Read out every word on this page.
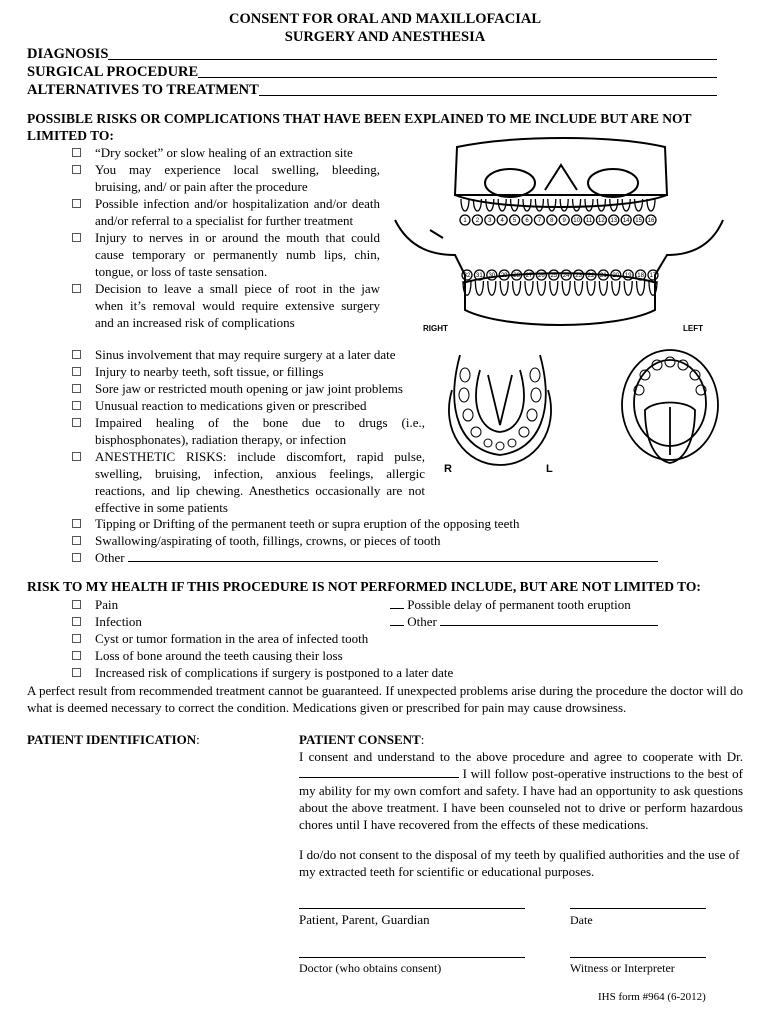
CONSENT FOR ORAL AND MAXILLOFACIAL
SURGERY AND ANESTHESIA
DIAGNOSIS
SURGICAL PROCEDURE
ALTERNATIVES TO TREATMENT
POSSIBLE RISKS OR COMPLICATIONS THAT HAVE BEEN EXPLAINED TO ME INCLUDE BUT ARE NOT LIMITED TO:
“Dry socket” or slow healing of an extraction site
You may experience local swelling, bleeding, bruising, and/ or pain after the procedure
Possible infection and/or hospitalization and/or death and/or referral to a specialist for further treatment
Injury to nerves in or around the mouth that could cause temporary or permanently numb lips, chin, tongue, or loss of taste sensation.
Decision to leave a small piece of root in the jaw when it’s removal would require extensive surgery and an increased risk of complications
Sinus involvement that may require surgery at a later date
Injury to nearby teeth, soft tissue, or fillings
Sore jaw or restricted mouth opening or jaw joint problems
Unusual reaction to medications given or prescribed
Impaired healing of the bone due to drugs (i.e., bisphosphonates), radiation therapy, or infection
ANESTHETIC RISKS: include discomfort, rapid pulse, swelling, bruising, infection, anxious feelings, allergic reactions, and lip chewing. Anesthetics occasionally are not effective in some patients
Tipping or Drifting of the permanent teeth or supra eruption of the opposing teeth
Swallowing/aspirating of tooth, fillings, crowns, or pieces of tooth
Other
1 2 3 4 5 6 7 8 9 10 11 12 13 14 15 16
32 31 30 29 28 27 26 25 24 23 22 21 20 19 18 17
RIGHT	LEFT
R	L
RISK TO MY HEALTH IF THIS PROCEDURE IS NOT PERFORMED INCLUDE, BUT ARE NOT LIMITED TO:
Pain
Infection
Cyst or tumor formation in the area of infected tooth
Loss of bone around the teeth causing their loss
Increased risk of complications if surgery is postponed to a later date
Possible delay of permanent tooth eruption
Other
A perfect result from recommended treatment cannot be guaranteed. If unexpected problems arise during the procedure the doctor will do what is deemed necessary to correct the condition. Medications given or prescribed for pain may cause drowsiness.
PATIENT IDENTIFICATION:	PATIENT CONSENT:
I consent and understand to the above procedure and agree to cooperate with Dr. I will follow post-operative instructions to the best of my ability for my own comfort and safety. I have had an opportunity to ask questions about the above treatment. I have been counseled not to drive or perform hazardous chores until I have recovered from the effects of these medications.
I do/do not consent to the disposal of my teeth by qualified authorities and the use of my extracted teeth for scientific or educational purposes.
Patient, Parent, Guardian	Date
Doctor (who obtains consent)	Witness or Interpreter
IHS form #964 (6-2012)
